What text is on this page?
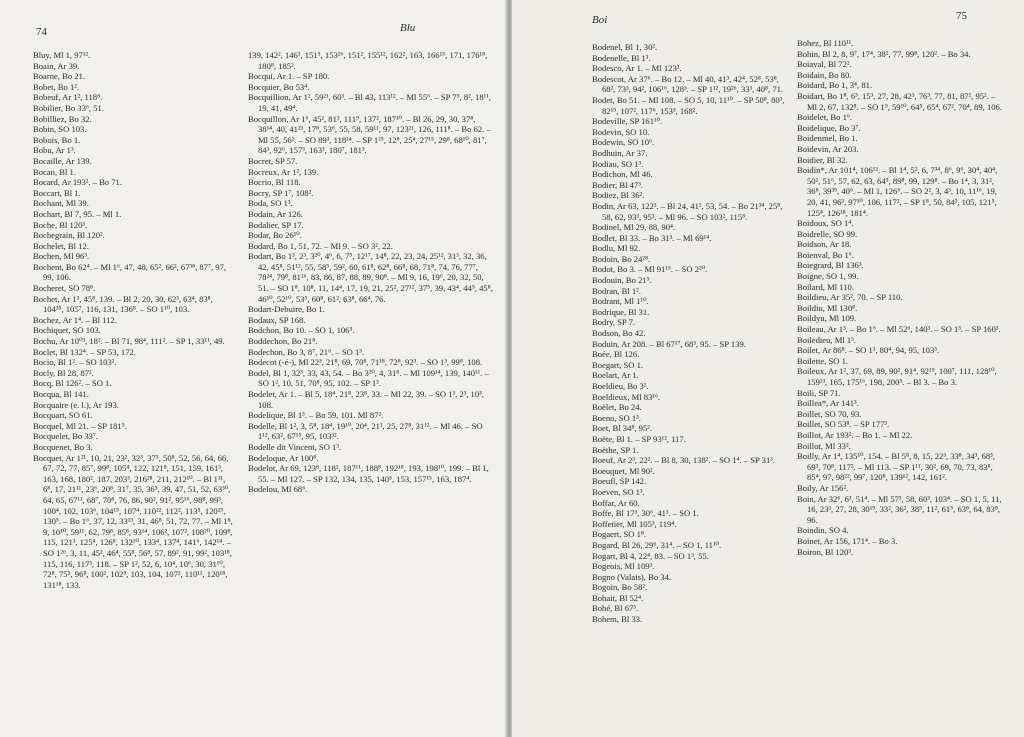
74	Blu
Bluy, Ml 1, 97¹².
Boain, Ar 39.
Boarne, Bo 21.
Bobet, Bo 1².
Bobeuf, Ar 1², 118⁸.
Bobilier, Bo 33⁶, 51.
Bobilliez, Bo 32.
Bobin, SO 103.
Bobois, Bo 1.
Bobu, Ar 1³.
Bocaille, Ar 139.
Bocan, Bl 1.
Bocard, Ar 193². – Bo 71.
Boccart, Bl 1.
Bochant, Ml 39.
Bochart, Bl 7, 95. – Ml 1.
Boche, Bl 120³.
Bochegrain, Bl 120².
Bochelet, Bl 12.
Bochen, Ml 96³.
Bochent, Bo 62⁴. – Ml 1⁶, 47, 48, 65², 66², 67³⁸, 87⁷, 97, 99, 106.
Bocheret, SO 78⁸.
Bochet, Ar 1³, 45⁸, 139. – Bl 2, 20, 30, 62³, 63⁴, 83⁸, 104³⁵, 105⁷, 116, 131, 136⁸. – SO 1¹⁰, 103.
Bochez, Ar 1⁴. – Bl 112.
Bochiquet, SO 103.
Bochu, Ar 10⁰³, 18². – Bl 71, 98⁴, 111². – SP 1, 33¹¹, 49.
Boclet, Bl 132⁴. – SP 53, 172.
Bocio, Bl 1². – SO 103².
Bocly, Bl 28, 87².
Bocq, Bl 126². – SO 1.
Bocqua, Bl 141.
Bocquaire (e. l.), Ar 193.
Bocquart, SO 61.
Bocquel, Ml 21. – SP 181⁵.
Bocquelet, Bo 33⁷.
Bocquenet, Bo 3.
Bocquet, Ar 1²¹, 10, 21, 23², 32³, 37⁵, 50⁸, 52, 56, 64, 66, 67, 72, 77, 85⁷, 99⁸, 105⁴, 122, 121⁸, 151, 159, 161³, 163, 168, 180², 187, 203³, 216²⁸, 211, 212¹⁰. – Bl 1³¹, 6⁸, 17, 21¹¹, 23⁶, 20⁸, 31⁷, 35, 36⁵, 39, 47, 51, 52, 63³⁰, 64, 65, 67¹¹, 68⁷, 70⁸, 76, 86, 90², 91², 95¹⁶, 98⁸, 99³, 100⁴, 102, 103⁶, 104¹⁵, 107⁴, 110²², 112², 113⁵, 120²⁵, 130⁵. – Bo 1⁶, 37, 12, 33¹³, 31, 46⁸, 51, 72, 77. – Ml 1⁸, 9, 10¹⁰, 59¹¹, 62, 79⁸, 85⁸, 93¹⁴, 106², 107², 108²⁰, 109⁸, 115, 121³, 125⁴, 126⁸, 132¹⁰, 133⁴, 137⁴, 141⁶, 142¹⁴. – SO 1²⁶, 3, 11, 45², 46⁴, 55⁸, 56⁸, 57, 89², 91, 99², 103¹⁸, 115, 116, 117³, 118. – SP 1², 52, 6, 10⁴, 10⁶, 30, 31¹⁰, 72⁸, 75⁵, 96⁸, 100², 102⁵, 103, 104, 107², 110¹¹, 120¹⁸, 131¹⁸, 133.
139, 142², 146³, 151⁵, 153²⁶, 151², 155¹², 162², 163, 166¹⁵, 171, 176¹⁸, 180⁸, 185².
Bocqui, Ar 1. – SP 180.
Bocquier, Bo 53⁴.
Bocquillion, Ar 1², 59²¹, 60³. – Bl 43, 113¹². – Ml 55⁶. – SP 7⁵, 8², 18¹¹, 19, 41, 49⁴.
Bocquillon, Ar 1⁶, 45², 81³, 111⁹, 137², 187¹⁰. – Bl 26, 29, 30, 37⁸, 38¹⁴, 40, 41²³, 17⁸, 53⁶, 55, 58, 59¹¹, 97, 123²¹, 126, 111⁸. – Bo 62. – Ml 55, 56². – SO 89³, 118¹⁴. – SP 1²⁵, 12⁸, 25⁴, 27¹⁵, 29⁸, 68¹⁰, 81⁷, 84³, 92⁶, 157³, 163³, 180⁷, 181³.
Bocret, SP 57.
Bocreux, Ar 1², 139.
Bocrio, Bl 118.
Bocry, SP 1⁷, 108².
Boda, SO 1³.
Bodain, Ar 126.
Bodalier, SP 17.
Bodar, Bo 26¹⁰.
Bodard, Bo 1, 51, 72. – Ml 9. – SO 3², 22.
Bodart, Bo 1³, 2³, 3²⁰, 4⁶, 6, 7⁵, 12¹⁷, 14⁸, 22, 23, 24, 25¹², 31³, 32, 36, 42, 45⁸, 51¹², 55, 58⁵, 59², 60, 61⁸, 62⁸, 66⁸, 68, 71⁸, 74, 76, 77⁷, 78²⁴, 79⁸, 81¹⁶, 83, 86, 87, 88, 89, 90⁸. – Ml 9, 16, 19⁶, 20, 32, 50, 51. – SO 1⁸, 10⁸, 11, 14⁴, 17, 19, 21, 25², 27¹², 37⁵, 39, 43⁴, 44⁵, 45⁸, 46¹⁰, 52¹⁰, 53⁵, 60⁸, 61², 63⁸, 66⁴, 76.
Bodart-Debuire, Bo 1.
Bodaux, SP 168.
Bodchon, Bo 10. – SO 1, 106⁵.
Boddechon, Bo 21⁸.
Bodechon, Bo 3, 8⁷, 21⁶. – SO 1³.
Bodecot (-é-), Ml 22³, 21⁸, 69, 70⁸, 71¹⁸, 72⁸, 92³. – SO 1³, 99⁸, 108.
Bodel, Bl 1, 32³, 33, 43, 54. – Bo 3²⁰, 4, 31⁸. – Ml 109¹⁴, 139, 140¹¹. – SO 1², 10, 51, 70⁸, 95, 102. – SP 1³.
Bodelet, Ar 1. – Bl 5, 18⁴, 21⁸, 23⁸, 33. – Ml 22, 39. – SO 1³, 2³, 10³, 108.
Bodelique, Bl 1³. – Bo 59, 101. Ml 87².
Bodelle, Bl 1², 3, 5⁸, 18⁴, 19¹⁰, 20⁴, 21³, 25, 27⁸, 31¹². – Ml 46. – SO 1¹², 63², 67¹⁵, 95, 103³².
Bodelle dit Vincent, SO 1³.
Bodeloque, Ar 100⁸.
Bodelot, Ar 69, 123⁸, 118², 187¹¹, 188⁸, 192¹⁸, 193, 198¹⁰, 199. – Bl 1, 55. – Ml 127. – SP 132, 134, 135, 140⁵, 153, 157¹⁵, 163, 187⁴.
Bodelou, Ml 68⁶.
Boi	75
Bodenel, Bl 1, 30².
Bodenelle, Bl 1³.
Bodesco, Ar 1. – Ml 123³.
Bodescot, Ar 37⁶. – Bo 12. – Ml 40, 41³, 42⁴, 52⁸, 53⁸, 68², 73³, 94², 106¹⁶, 128³. – SP 1¹², 19²⁶, 33³, 40⁸, 71.
Bodet, Bo 51. – Ml 108. – SO 5, 10, 11¹⁰. – SP 50⁸, 80³, 82¹⁹, 107², 117⁶, 153³, 168².
Bodeville, SP 161¹⁰.
Bodevin, SO 10.
Bodewin, SO 10⁶.
Bodhuin, Ar 37.
Bodiau, SO 1³.
Bodichon, Ml 46.
Bodier, Bl 47³.
Bodiez, Bl 36².
Bodin, Ar 63, 122³. – Bl 24, 41², 53, 54. – Bo 21³⁴, 25⁸, 58, 62, 93³, 95³. – Ml 96. – SO 103², 115⁸.
Bodinel, Ml 29, 88, 90⁴.
Bodlet, Bl 33. – Bo 31³. – Ml 69¹⁴.
Bodlu, Ml 92.
Bodoin, Bo 24²⁸.
Bodot, Bo 3. – Ml 91¹⁵. – SO 2²⁰.
Bodouin, Bo 21⁵.
Bodran, Bl 1².
Bodrant, Ml 1¹⁰.
Bodrique, Bl 31.
Bodry, SP 7.
Bodson, Bo 42.
Boduin, Ar 208. – Bl 67¹⁷, 68³, 95. – SP 139.
Boée, Bl 126.
Boegart, SO 1.
Boelart, Ar 1.
Boeldieu, Bo 3².
Boeldieux, Ml 83¹⁶.
Boëlet, Bo 24.
Boeno, SO 1³.
Boet, Bl 34⁸, 95².
Boëte, Bl 1. – SP 93¹², 117.
Boëthe, SP 1.
Boeuf, Ar 2³, 22². – Bl 8, 30, 138². – SO 1⁴. – SP 31³.
Boeuquet, Ml 90².
Boeufl, SP 142.
Boeven, SO 1³.
Boffar, Ar 60.
Boffe, Bl 17³, 30⁶, 41³. – SO 1.
Boffetier, Ml 105³, 119⁴.
Bogaert, SO 1⁸.
Bogard, Bl 26, 29⁶, 31⁴. – SO 1, 11¹⁰.
Bogart, Bl 4, 22⁴, 83. – SO 1³, 55.
Bogeois, Ml 109³.
Bogno (Valais), Bo 34.
Bogoin, Bo 58².
Bohait, Bl 52⁴.
Bohé, Bl 67³.
Bohem, Bl 33.
Bohez, Bl 110¹¹.
Bohin, Bl 2, 8, 9⁷, 17⁴, 38², 77, 99⁸, 120². – Bo 34.
Boiaval, Bl 72².
Boidain, Bo 80.
Boidard, Bo 1, 3⁴, 81.
Boidart, Bo 1⁸, 6³, 15³, 27, 28, 42³, 76³, 77, 81, 87², 95². – Ml 2, 67, 132⁸. – SO 1⁹, 59¹⁰, 64⁵, 65⁴, 67², 70⁴, 89, 106.
Boidelet, Bo 1⁶.
Boidelique, Bo 3⁷.
Boidenmel, Bo 1.
Boidevin, Ar 203.
Boidier, Bl 32.
Boidin*, Ar 101⁴, 106¹². – Bl 1⁴, 5², 6, 7³⁴, 8⁶, 9⁶, 30⁴, 40⁴, 50², 51⁶, 57, 62, 63, 64⁵, 89⁸, 99, 129⁸. – Bo 1⁴, 3, 31², 36⁸, 39³⁹, 40⁶. – Ml 1, 126⁶. – SO 2², 3, 4³, 10, 11¹⁶, 19, 20, 41, 96³, 97¹⁰, 106, 117². – SP 1⁸, 50, 84³, 105, 121⁵, 125⁴, 126¹⁸, 181⁴.
Boidoux, SO 1⁴.
Boidrelle, SO 99.
Boidson, Ar 18.
Boienval, Bo 1⁶.
Boiegrard, Bl 136³.
Boigne, SO 1, 99.
Boilard, Ml 110.
Boildieu, Ar 35², 70. – SP 110.
Boildiu, Ml 130⁸.
Boildyu, Ml 109.
Boileau, Ar 1³. – Bo 1⁶. – Ml 52⁶, 140³. – SO 1³. – SP 160³.
Boiledieu, Ml 1³.
Boilet, Ar 86⁸. – SO 1³, 80⁴, 94, 95, 103³.
Boilette, SO 1.
Boileux, Ar 1², 37, 69, 89, 90², 91⁴, 92¹⁹, 100⁷, 111, 128¹⁰, 159¹³, 165, 175¹⁶, 198, 200⁵. – Bl 3. – Bo 3.
Boili, SP 71.
Boillea*, Ar 141³.
Boillet, SO 70, 93.
Boillet, SO 53⁸. – SP 177³.
Boillot, Ar 193². – Bo 1. – Ml 22.
Boillot, Ml 33².
Boilly, Ar 1⁴, 135¹⁰, 154. – Bl 5⁸, 8, 15, 22³, 33⁸, 34³, 68³, 69³, 70⁸, 117². – Ml 113. – SP 1¹¹, 30², 69, 70, 73, 83⁸, 85⁴, 97, 98²², 99⁷, 120⁸, 139¹², 142, 161².
Boily, Ar 156².
Boin, Ar 32⁶, 6³, 51⁴. – Ml 57³, 58, 60³, 103⁴. – SO 1, 5, 11, 16, 23³, 27, 28, 30¹⁹, 33², 36², 38⁵, 11², 61⁵, 63⁸, 64, 83⁸, 96.
Boindin, SO 4.
Boinet, Ar 156, 171⁴. – Bo 3.
Boiron, Bl 120³.
